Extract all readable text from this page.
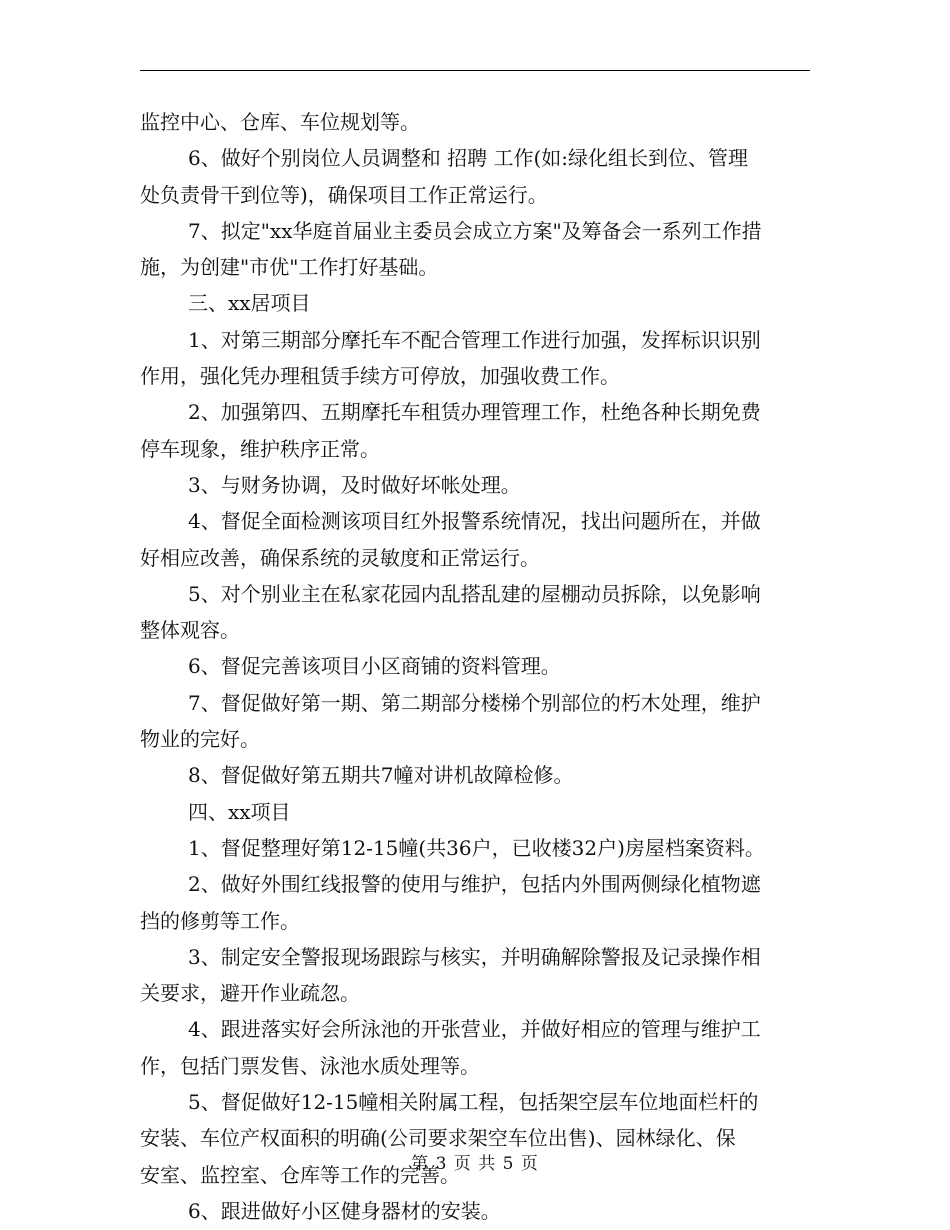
监控中心、仓库、车位规划等。
6、做好个别岗位人员调整和 招聘 工作(如:绿化组长到位、管理
处负责骨干到位等)，确保项目工作正常运行。
7、拟定"xx华庭首届业主委员会成立方案"及筹备会一系列工作措
施，为创建"市优"工作打好基础。
三、xx居项目
1、对第三期部分摩托车不配合管理工作进行加强，发挥标识识别
作用，强化凭办理租赁手续方可停放，加强收费工作。
2、加强第四、五期摩托车租赁办理管理工作，杜绝各种长期免费
停车现象，维护秩序正常。
3、与财务协调，及时做好坏帐处理。
4、督促全面检测该项目红外报警系统情况，找出问题所在，并做
好相应改善，确保系统的灵敏度和正常运行。
5、对个别业主在私家花园内乱搭乱建的屋棚动员拆除，以免影响
整体观容。
6、督促完善该项目小区商铺的资料管理。
7、督促做好第一期、第二期部分楼梯个别部位的朽木处理，维护
物业的完好。
8、督促做好第五期共7幢对讲机故障检修。
四、xx项目
1、督促整理好第12-15幢(共36户，已收楼32户)房屋档案资料。
2、做好外围红线报警的使用与维护，包括内外围两侧绿化植物遮
挡的修剪等工作。
3、制定安全警报现场跟踪与核实，并明确解除警报及记录操作相
关要求，避开作业疏忽。
4、跟进落实好会所泳池的开张营业，并做好相应的管理与维护工
作，包括门票发售、泳池水质处理等。
5、督促做好12-15幢相关附属工程，包括架空层车位地面栏杆的
安装、车位产权面积的明确(公司要求架空车位出售)、园林绿化、保
安室、监控室、仓库等工作的完善。
6、跟进做好小区健身器材的安装。
第 3 页 共 5 页
